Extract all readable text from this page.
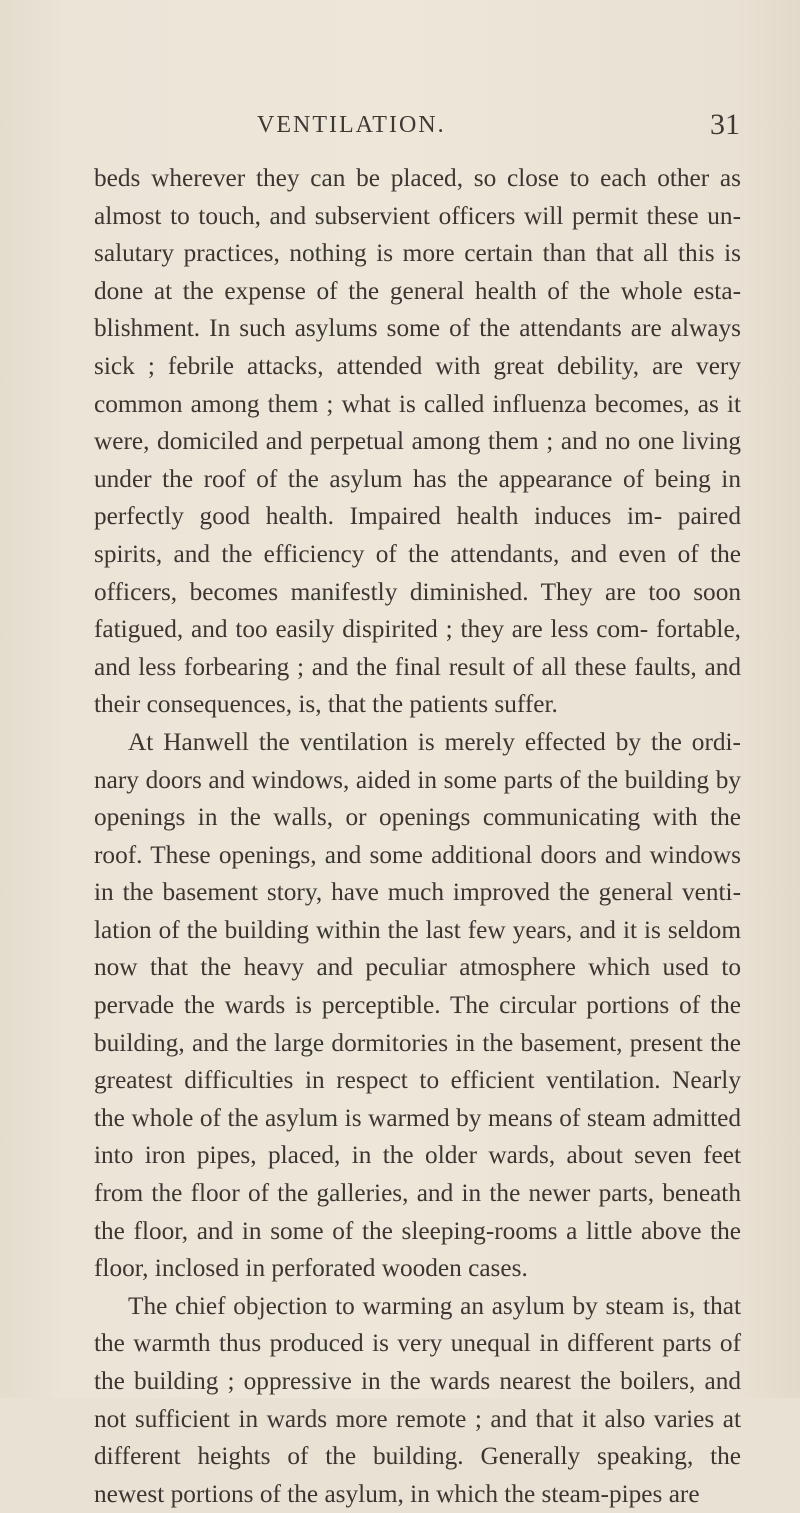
VENTILATION.	31

beds wherever they can be placed, so close to each other as almost to touch, and subservient officers will permit these un- salutary practices, nothing is more certain than that all this is done at the expense of the general health of the whole esta- blishment. In such asylums some of the attendants are always sick ; febrile attacks, attended with great debility, are very common among them ; what is called influenza becomes, as it were, domiciled and perpetual among them ; and no one living under the roof of the asylum has the appearance of being in perfectly good health. Impaired health induces im- paired spirits, and the efficiency of the attendants, and even of the officers, becomes manifestly diminished. They are too soon fatigued, and too easily dispirited ; they are less com- fortable, and less forbearing ; and the final result of all these faults, and their consequences, is, that the patients suffer.

At Hanwell the ventilation is merely effected by the ordi- nary doors and windows, aided in some parts of the building by openings in the walls, or openings communicating with the roof. These openings, and some additional doors and windows in the basement story, have much improved the general venti- lation of the building within the last few years, and it is seldom now that the heavy and peculiar atmosphere which used to pervade the wards is perceptible. The circular portions of the building, and the large dormitories in the basement, present the greatest difficulties in respect to efficient ventilation. Nearly the whole of the asylum is warmed by means of steam admitted into iron pipes, placed, in the older wards, about seven feet from the floor of the galleries, and in the newer parts, beneath the floor, and in some of the sleeping-rooms a little above the floor, inclosed in perforated wooden cases.

The chief objection to warming an asylum by steam is, that the warmth thus produced is very unequal in different parts of the building ; oppressive in the wards nearest the boilers, and not sufficient in wards more remote ; and that it also varies at different heights of the building. Generally speaking, the newest portions of the asylum, in which the steam-pipes are
